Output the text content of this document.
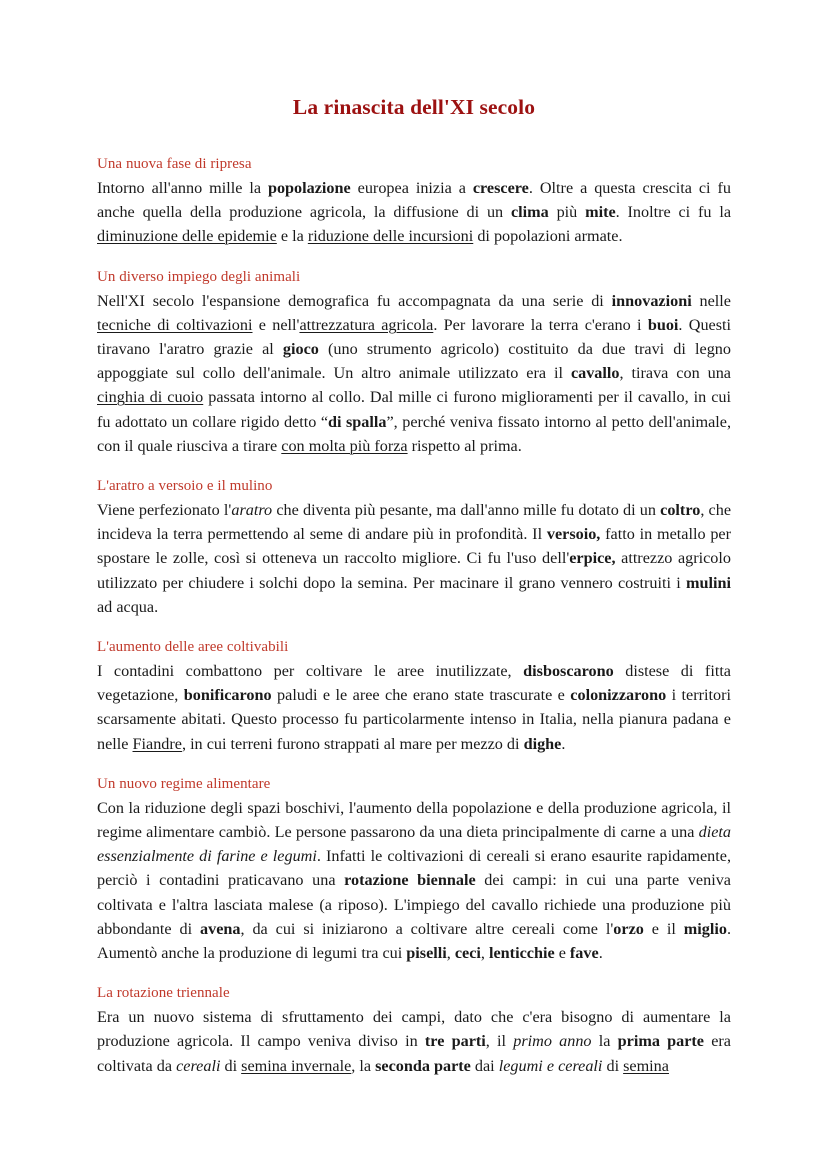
La rinascita dell'XI secolo
Una nuova fase di ripresa

Intorno all'anno mille la popolazione europea inizia a crescere. Oltre a questa crescita ci fu anche quella della produzione agricola, la diffusione di un clima più mite. Inoltre ci fu la diminuzione delle epidemie e la riduzione delle incursioni di popolazioni armate.

Un diverso impiego degli animali

Nell'XI secolo l'espansione demografica fu accompagnata da una serie di innovazioni nelle tecniche di coltivazioni e nell'attrezzatura agricola. Per lavorare la terra c'erano i buoi. Questi tiravano l'aratro grazie al gioco (uno strumento agricolo) costituito da due travi di legno appoggiate sul collo dell'animale. Un altro animale utilizzato era il cavallo, tirava con una cinghia di cuoio passata intorno al collo. Dal mille ci furono miglioramenti per il cavallo, in cui fu adottato un collare rigido detto “di spalla”, perché veniva fissato intorno al petto dell'animale, con il quale riusciva a tirare con molta più forza rispetto al prima.

L'aratro a versoio e il mulino

Viene perfezionato l'aratro che diventa più pesante, ma dall'anno mille fu dotato di un coltro, che incideva la terra permettendo al seme di andare più in profondità. Il versoio, fatto in metallo per spostare le zolle, così si otteneva un raccolto migliore. Ci fu l'uso dell'erpice, attrezzo agricolo utilizzato per chiudere i solchi dopo la semina. Per macinare il grano vennero costruiti i mulini ad acqua.

L'aumento delle aree coltivabili

I contadini combattono per coltivare le aree inutilizzate, disboscarono distese di fitta vegetazione, bonificarono paludi e le aree che erano state trascurate e colonizzarono i territori scarsamente abitati. Questo processo fu particolarmente intenso in Italia, nella pianura padana e nelle Fiandre, in cui terreni furono strappati al mare per mezzo di dighe.

Un nuovo regime alimentare

Con la riduzione degli spazi boschivi, l'aumento della popolazione e della produzione agricola, il regime alimentare cambiò. Le persone passarono da una dieta principalmente di carne a una dieta essenzialmente di farine e legumi. Infatti le coltivazioni di cereali si erano esaurite rapidamente, perciò i contadini praticavano una rotazione biennale dei campi: in cui una parte veniva coltivata e l'altra lasciata malese (a riposo). L'impiego del cavallo richiede una produzione più abbondante di avena, da cui si iniziarono a coltivare altre cereali come l'orzo e il miglio. Aumentò anche la produzione di legumi tra cui piselli, ceci, lenticchie e fave.

La rotazione triennale

Era un nuovo sistema di sfruttamento dei campi, dato che c'era bisogno di aumentare la produzione agricola. Il campo veniva diviso in tre parti, il primo anno la prima parte era coltivata da cereali di semina invernale, la seconda parte dai legumi e cereali di semina
